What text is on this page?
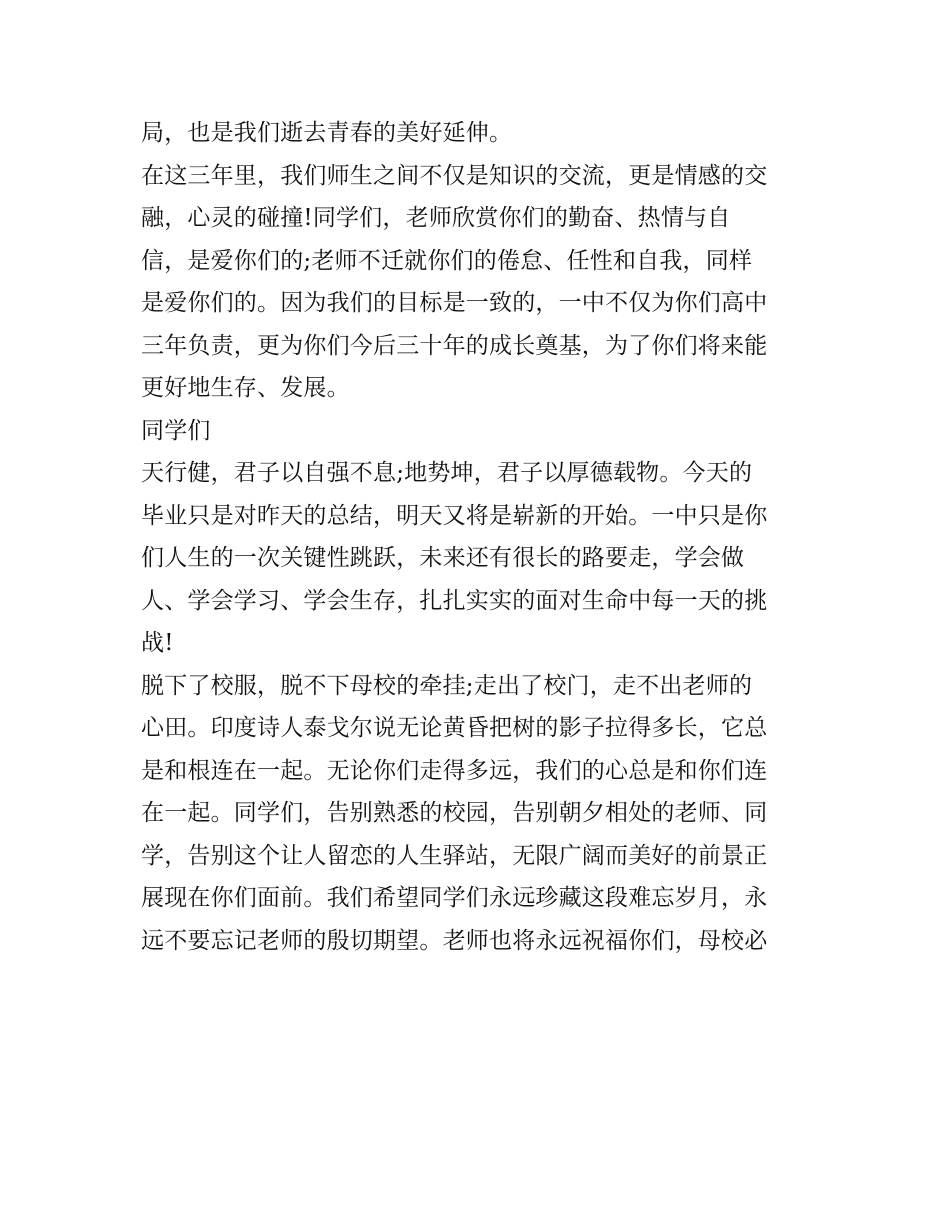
局，也是我们逝去青春的美好延伸。
在这三年里，我们师生之间不仅是知识的交流，更是情感的交
融，心灵的碰撞!同学们，老师欣赏你们的勤奋、热情与自
信，是爱你们的;老师不迁就你们的倦怠、任性和自我，同样
是爱你们的。因为我们的目标是一致的，一中不仅为你们高中
三年负责，更为你们今后三十年的成长奠基，为了你们将来能
更好地生存、发展。
同学们
天行健，君子以自强不息;地势坤，君子以厚德载物。今天的
毕业只是对昨天的总结，明天又将是崭新的开始。一中只是你
们人生的一次关键性跳跃，未来还有很长的路要走，学会做
人、学会学习、学会生存，扎扎实实的面对生命中每一天的挑
战!
脱下了校服，脱不下母校的牵挂;走出了校门，走不出老师的
心田。印度诗人泰戈尔说无论黄昏把树的影子拉得多长，它总
是和根连在一起。无论你们走得多远，我们的心总是和你们连
在一起。同学们，告别熟悉的校园，告别朝夕相处的老师、同
学，告别这个让人留恋的人生驿站，无限广阔而美好的前景正
展现在你们面前。我们希望同学们永远珍藏这段难忘岁月，永
远不要忘记老师的殷切期望。老师也将永远祝福你们，母校必
